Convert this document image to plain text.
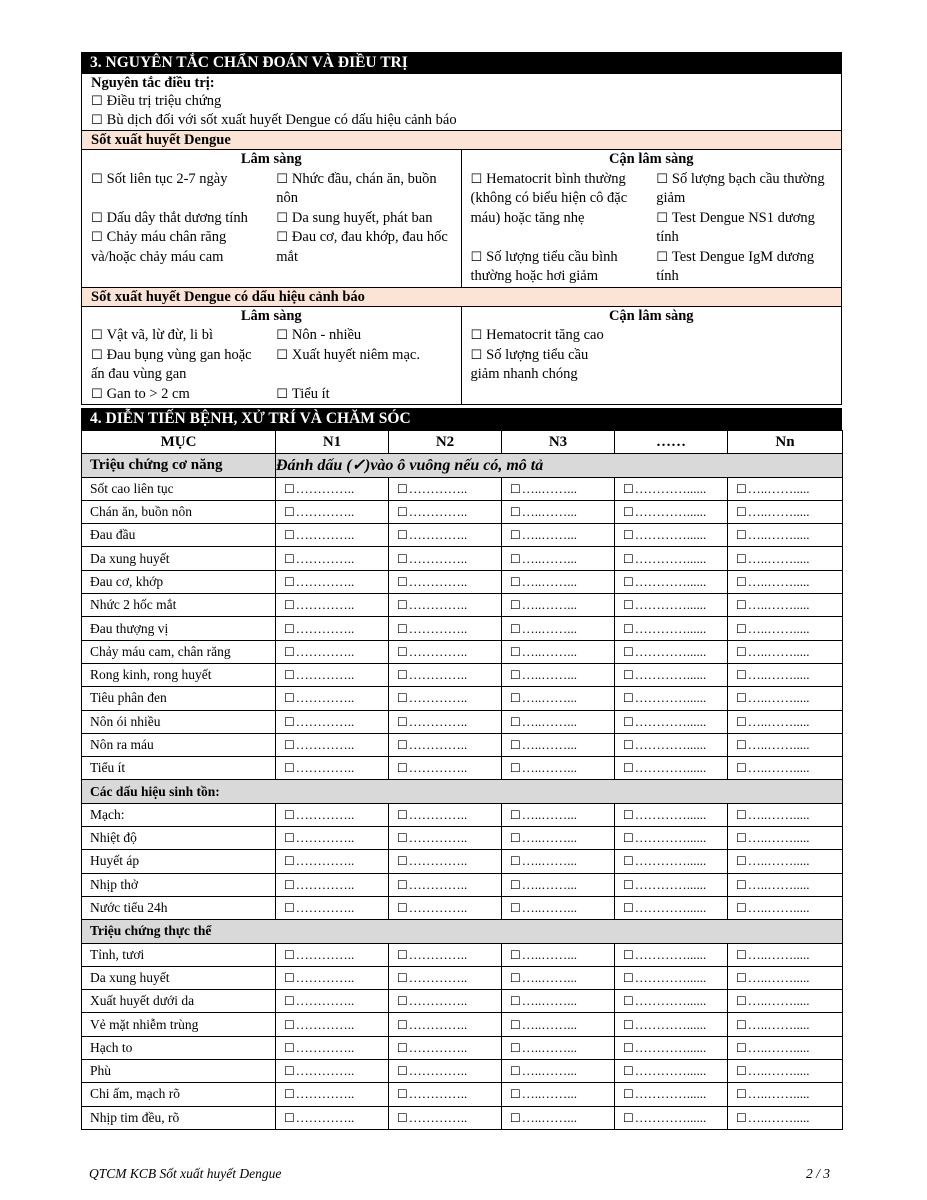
3. NGUYÊN TẮC CHẨN ĐOÁN VÀ ĐIỀU TRỊ
Nguyên tắc điều trị:
☐ Điều trị triệu chứng
☐ Bù dịch đối với sốt xuất huyết Dengue có dấu hiệu cảnh báo
Sốt xuất huyết Dengue
Lâm sàng
☐ Sốt liên tục 2-7 ngày	☐ Nhức đầu, chán ăn, buồn nôn
☐ Dấu dây thắt dương tính	☐ Da sung huyết, phát ban
☐ Chảy máu chân răng và/hoặc chảy máu cam
☐ Đau cơ, đau khớp, đau hốc mắt
Cận lâm sàng
☐ Hematocrit bình thường (không có biểu hiện cô đặc máu) hoặc tăng nhẹ
☐ Số lượng bạch cầu thường giảm
☐ Test Dengue NS1 dương tính
☐ Số lượng tiểu cầu bình thường hoặc hơi giảm
☐ Test Dengue IgM dương tính
Sốt xuất huyết Dengue có dấu hiệu cảnh báo
Lâm sàng
☐ Vật vã, lừ đừ, li bì	☐ Nôn - nhiều
☐ Đau bụng vùng gan hoặc ấn đau vùng gan
☐ Xuất huyết niêm mạc.
☐ Gan to > 2 cm	☐ Tiểu ít
Cận lâm sàng
☐ Hematocrit tăng cao
☐ Số lượng tiểu cầu giảm nhanh chóng
4. DIỄN TIẾN BỆNH, XỬ TRÍ VÀ CHĂM SÓC
MỤC	N1	N2	N3	……	Nn
Triệu chứng cơ năng	Đánh dấu (✓)vào ô vuông nếu có, mô tả				
Sốt cao liên tục	☐ …………..	☐ …………..	☐ …..……...	☐ …………......	☐ …..…….....
Chán ăn, buồn nôn	☐ …………..	☐ …………..	☐ …..……...	☐ …………......	☐ …..…….....
Đau đầu	☐ …………..	☐ …………..	☐ …..……...	☐ …………......	☐ …..…….....
Da xung huyết	☐ …………..	☐ …………..	☐ …..……...	☐ …………......	☐ …..…….....
Đau cơ, khớp	☐ …………..	☐ …………..	☐ …..……...	☐ …………......	☐ …..…….....
Nhức 2 hốc mắt	☐ …………..	☐ …………..	☐ …..……...	☐ …………......	☐ …..…….....
Đau thượng vị	☐ …………..	☐ …………..	☐ …..……...	☐ …………......	☐ …..…….....
Chảy máu cam, chân răng	☐ …………..	☐ …………..	☐ …..……...	☐ …………......	☐ …..…….....
Rong kinh, rong huyết	☐ …………..	☐ …………..	☐ …..……...	☐ …………......	☐ …..…….....
Tiêu phân đen	☐ …………..	☐ …………..	☐ …..……...	☐ …………......	☐ …..…….....
Nôn ói nhiều	☐ …………..	☐ …………..	☐ …..……...	☐ …………......	☐ …..…….....
Nôn ra máu	☐ …………..	☐ …………..	☐ …..……...	☐ …………......	☐ …..…….....
Tiểu ít	☐ …………..	☐ …………..	☐ …..……...	☐ …………......	☐ …..…….....
Các dấu hiệu sinh tồn:					
Mạch:	☐ …………..	☐ …………..	☐ …..……...	☐ …………......	☐ …..…….....
Nhiệt độ	☐ …………..	☐ …………..	☐ …..……...	☐ …………......	☐ …..…….....
Huyết áp	☐ …………..	☐ …………..	☐ …..……...	☐ …………......	☐ …..…….....
Nhịp thở	☐ …………..	☐ …………..	☐ …..……...	☐ …………......	☐ …..…….....
Nước tiểu 24h	☐ …………..	☐ …………..	☐ …..……...	☐ …………......	☐ …..…….....
Triệu chứng thực thể					
Tỉnh, tươi	☐ …………..	☐ …………..	☐ …..……...	☐ …………......	☐ …..…….....
Da xung huyết	☐ …………..	☐ …………..	☐ …..……...	☐ …………......	☐ …..…….....
Xuất huyết dưới da	☐ …………..	☐ …………..	☐ …..……...	☐ …………......	☐ …..…….....
Vẻ mặt nhiễm trùng	☐ …………..	☐ …………..	☐ …..……...	☐ …………......	☐ …..…….....
Hạch to	☐ …………..	☐ …………..	☐ …..……...	☐ …………......	☐ …..…….....
Phù	☐ …………..	☐ …………..	☐ …..……...	☐ …………......	☐ …..…….....
Chi ấm, mạch rõ	☐ …………..	☐ …………..	☐ …..……...	☐ …………......	☐ …..…….....
Nhịp tim đều, rõ	☐ …………..	☐ …………..	☐ …..……...	☐ …………......	☐ …..…….....
QTCM KCB Sốt xuất huyết Dengue	2 / 3
